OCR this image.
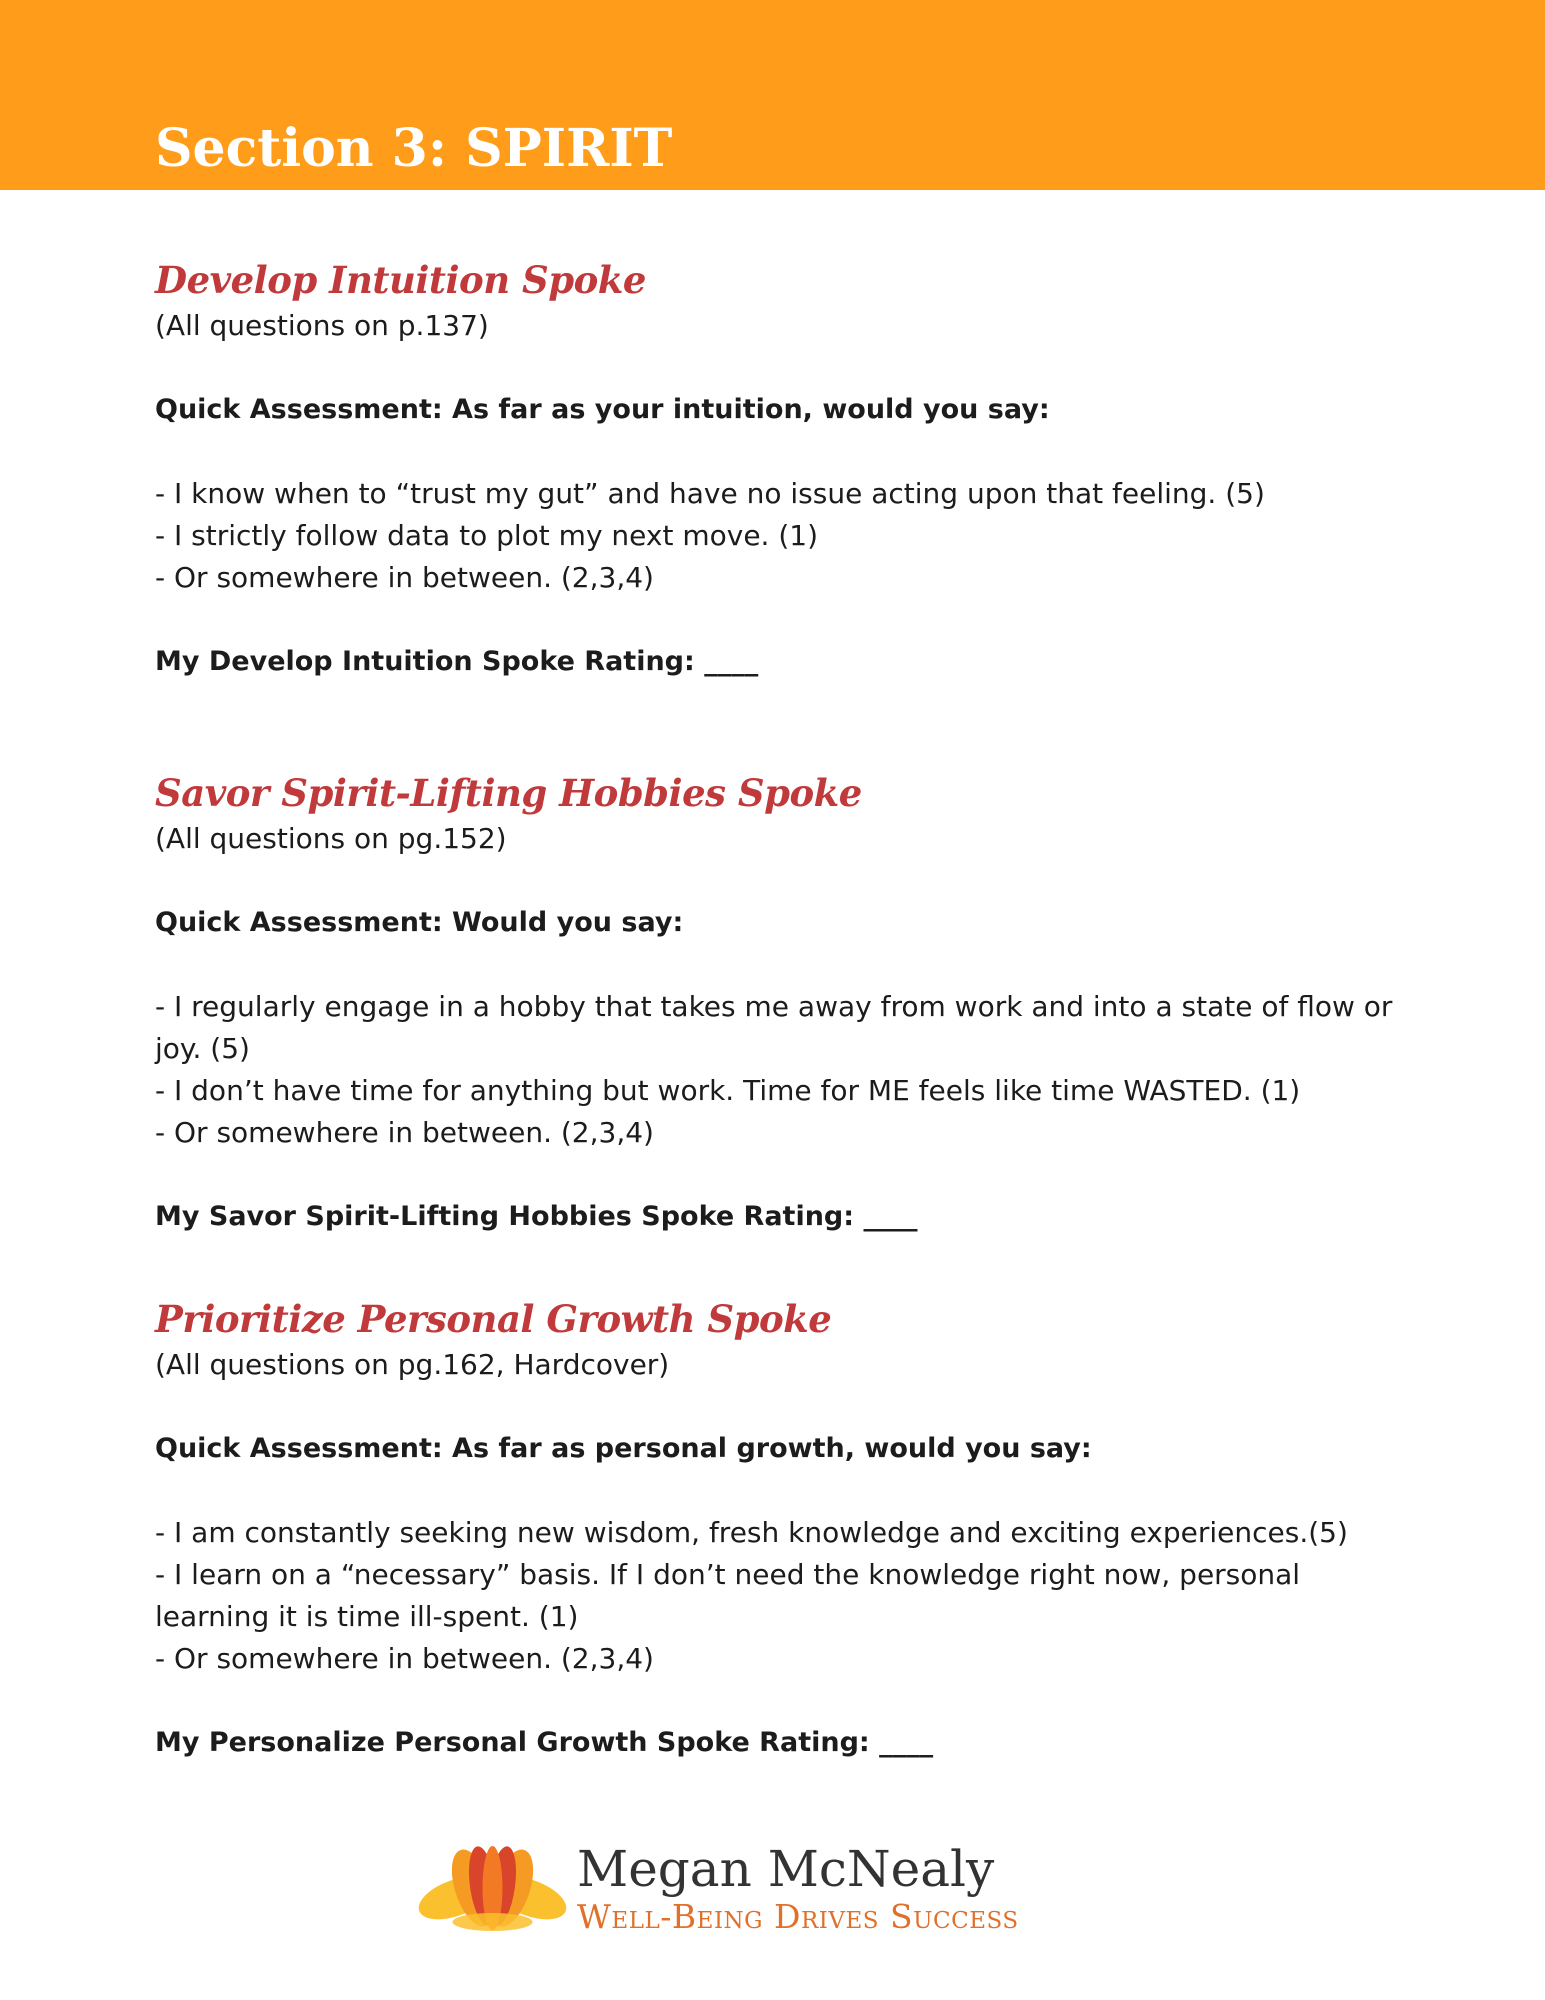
Section 3: SPIRIT
Develop Intuition Spoke

(All questions on p.137)

Quick Assessment: As far as your intuition, would you say:

- I know when to “trust my gut” and have no issue acting upon that feeling. (5)
- I strictly follow data to plot my next move. (1)
- Or somewhere in between. (2,3,4)

My Develop Intuition Spoke Rating: ____

Savor Spirit-Lifting Hobbies Spoke

(All questions on pg.152)

Quick Assessment: Would you say:

- I regularly engage in a hobby that takes me away from work and into a state of flow or joy. (5)
- I don’t have time for anything but work. Time for ME feels like time WASTED. (1)
- Or somewhere in between. (2,3,4)

My Savor Spirit-Lifting Hobbies Spoke Rating: ____

Prioritize Personal Growth Spoke

(All questions on pg.162, Hardcover)

Quick Assessment: As far as personal growth, would you say:

- I am constantly seeking new wisdom, fresh knowledge and exciting experiences.(5)
- I learn on a “necessary” basis. If I don’t need the knowledge right now, personal learning it is time ill-spent. (1)
- Or somewhere in between. (2,3,4)

My Personalize Personal Growth Spoke Rating: ____

Megan McNealy
Well-Being Drives Success
